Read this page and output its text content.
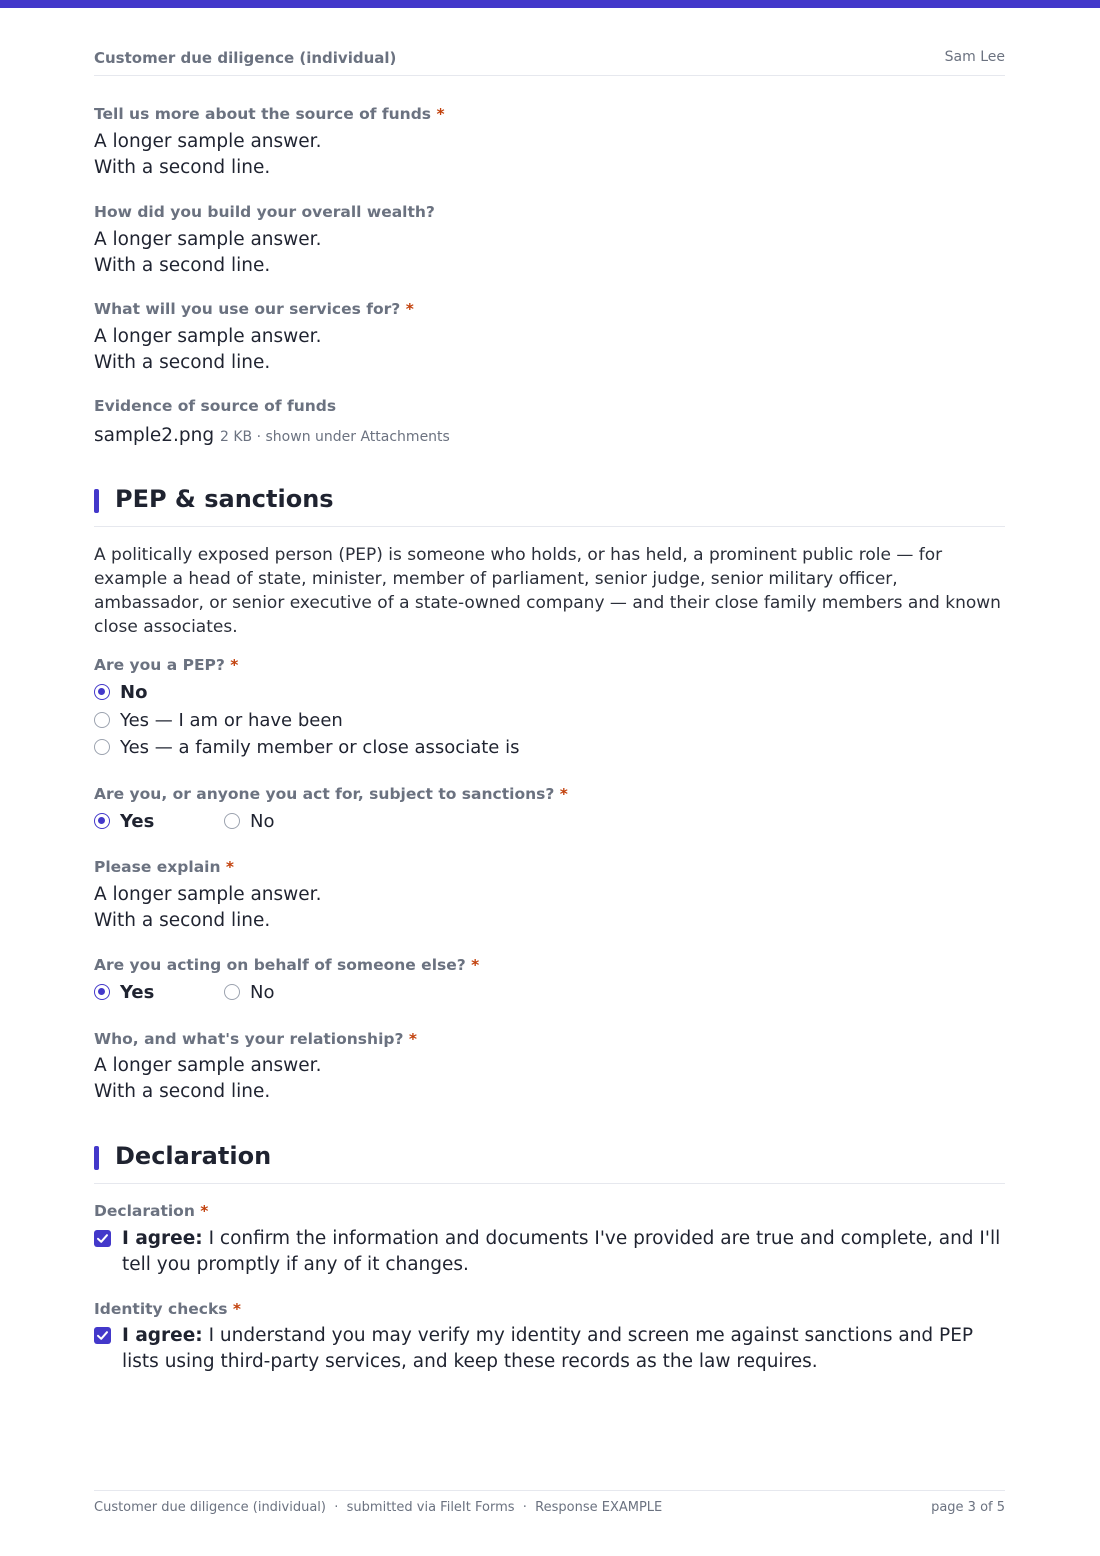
Customer due diligence (individual)	Sam Lee
Tell us more about the source of funds *
A longer sample answer.
With a second line.
How did you build your overall wealth?
A longer sample answer.
With a second line.
What will you use our services for? *
A longer sample answer.
With a second line.
Evidence of source of funds
sample2.png 2 KB · shown under Attachments
PEP & sanctions

A politically exposed person (PEP) is someone who holds, or has held, a prominent public role — for example a head of state, minister, member of parliament, senior judge, senior military officer, ambassador, or senior executive of a state-owned company — and their close family members and known close associates.

Are you a PEP? *
No
Yes — I am or have been
Yes — a family member or close associate is
Are you, or anyone you act for, subject to sanctions? *
Yes	No
Please explain *
A longer sample answer.
With a second line.
Are you acting on behalf of someone else? *
Yes	No
Who, and what's your relationship? *
A longer sample answer.
With a second line.
Declaration
Declaration *
I agree: I confirm the information and documents I've provided are true and complete, and I'll tell you promptly if any of it changes.
Identity checks *
I agree: I understand you may verify my identity and screen me against sanctions and PEP lists using third-party services, and keep these records as the law requires.
Customer due diligence (individual)  ·  submitted via FileIt Forms  ·  Response EXAMPLE	page 3 of 5
